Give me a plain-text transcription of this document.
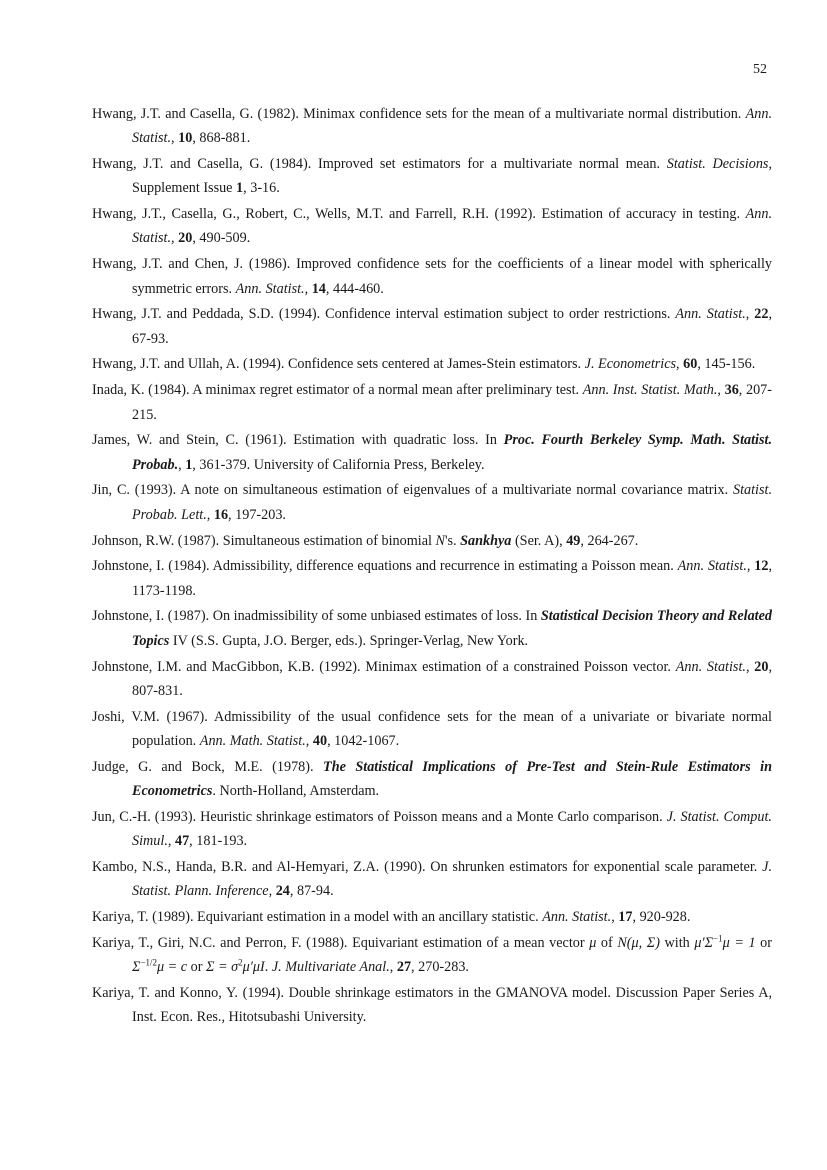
52

Hwang, J.T. and Casella, G. (1982). Minimax confidence sets for the mean of a multivariate normal distribution. Ann. Statist., 10, 868-881.

Hwang, J.T. and Casella, G. (1984). Improved set estimators for a multivariate normal mean. Statist. Decisions, Supplement Issue 1, 3-16.

Hwang, J.T., Casella, G., Robert, C., Wells, M.T. and Farrell, R.H. (1992). Estimation of accuracy in testing. Ann. Statist., 20, 490-509.

Hwang, J.T. and Chen, J. (1986). Improved confidence sets for the coefficients of a linear model with spherically symmetric errors. Ann. Statist., 14, 444-460.

Hwang, J.T. and Peddada, S.D. (1994). Confidence interval estimation subject to order restrictions. Ann. Statist., 22, 67-93.

Hwang, J.T. and Ullah, A. (1994). Confidence sets centered at James-Stein estimators. J. Econometrics, 60, 145-156.

Inada, K. (1984). A minimax regret estimator of a normal mean after preliminary test. Ann. Inst. Statist. Math., 36, 207-215.

James, W. and Stein, C. (1961). Estimation with quadratic loss. In Proc. Fourth Berkeley Symp. Math. Statist. Probab., 1, 361-379. University of California Press, Berkeley.

Jin, C. (1993). A note on simultaneous estimation of eigenvalues of a multivariate normal covariance matrix. Statist. Probab. Lett., 16, 197-203.

Johnson, R.W. (1987). Simultaneous estimation of binomial N's. Sankhya (Ser. A), 49, 264-267.

Johnstone, I. (1984). Admissibility, difference equations and recurrence in estimating a Poisson mean. Ann. Statist., 12, 1173-1198.

Johnstone, I. (1987). On inadmissibility of some unbiased estimates of loss. In Statistical Decision Theory and Related Topics IV (S.S. Gupta, J.O. Berger, eds.). Springer-Verlag, New York.

Johnstone, I.M. and MacGibbon, K.B. (1992). Minimax estimation of a constrained Poisson vector. Ann. Statist., 20, 807-831.

Joshi, V.M. (1967). Admissibility of the usual confidence sets for the mean of a univariate or bivariate normal population. Ann. Math. Statist., 40, 1042-1067.

Judge, G. and Bock, M.E. (1978). The Statistical Implications of Pre-Test and Stein-Rule Estimators in Econometrics. North-Holland, Amsterdam.

Jun, C.-H. (1993). Heuristic shrinkage estimators of Poisson means and a Monte Carlo comparison. J. Statist. Comput. Simul., 47, 181-193.

Kambo, N.S., Handa, B.R. and Al-Hemyari, Z.A. (1990). On shrunken estimators for exponential scale parameter. J. Statist. Plann. Inference, 24, 87-94.

Kariya, T. (1989). Equivariant estimation in a model with an ancillary statistic. Ann. Statist., 17, 920-928.

Kariya, T., Giri, N.C. and Perron, F. (1988). Equivariant estimation of a mean vector μ of N(μ, Σ) with $\mu'\Sigma^{-1}\mu = 1$ or $\Sigma^{-1/2}\mu = c$ or $\Sigma = \sigma^2\mu'\mu I$. J. Multivariate Anal., 27, 270-283.

Kariya, T. and Konno, Y. (1994). Double shrinkage estimators in the GMANOVA model. Discussion Paper Series A, Inst. Econ. Res., Hitotsubashi University.
